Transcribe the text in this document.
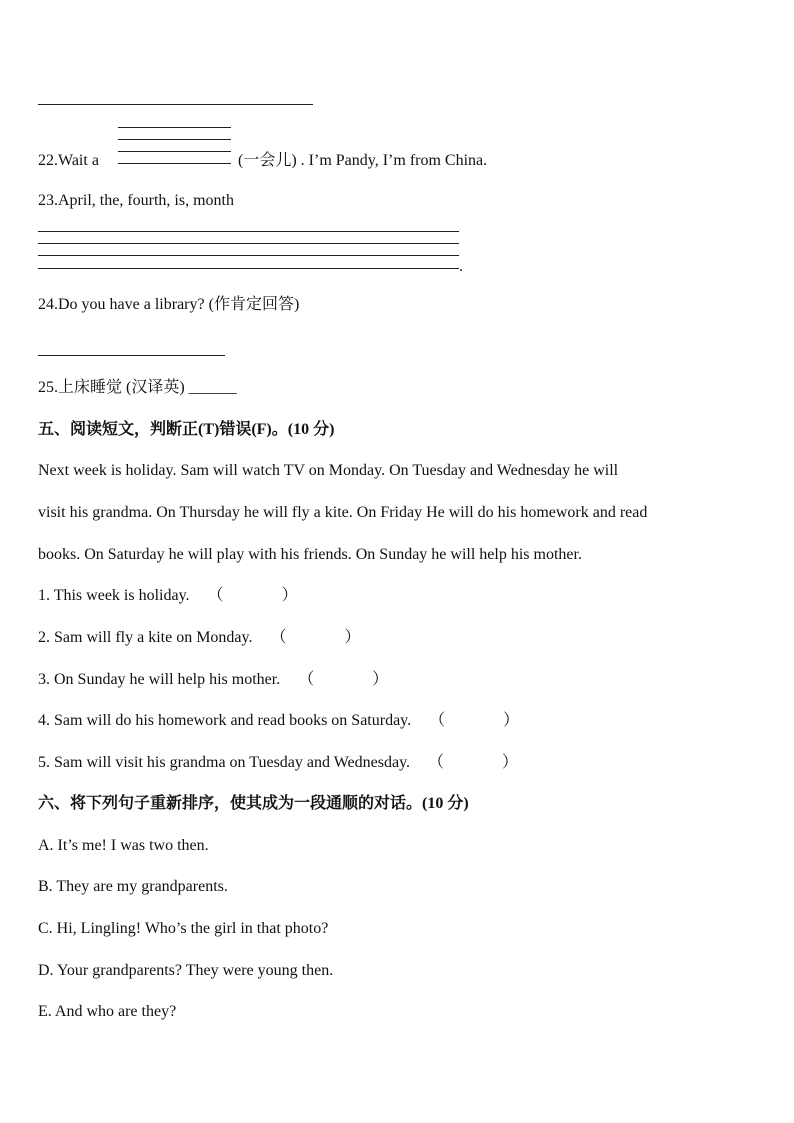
22.Wait a	(一会儿) . I’m Pandy, I’m from China.
23.April, the, fourth, is, month
.
24.Do you have a library? (作肯定回答)
25.上床睡觉 (汉译英) ______
五、阅读短文，判断正(T)错误(F)。(10 分)
Next week is holiday. Sam will watch TV on Monday. On Tuesday and Wednesday he will
visit his grandma. On Thursday he will fly a kite. On Friday He will do his homework and read
books. On Saturday he will play with his friends. On Sunday he will help his mother.
1. This week is holiday. （	）
2. Sam will fly a kite on Monday. （	）
3. On Sunday he will help his mother. （	）
4. Sam will do his homework and read books on Saturday. （	）
5. Sam will visit his grandma on Tuesday and Wednesday. （	）
六、将下列句子重新排序，使其成为一段通顺的对话。(10 分)
A. It’s me! I was two then.
B. They are my grandparents.
C. Hi, Lingling! Who’s the girl in that photo?
D. Your grandparents? They were young then.
E. And who are they?
